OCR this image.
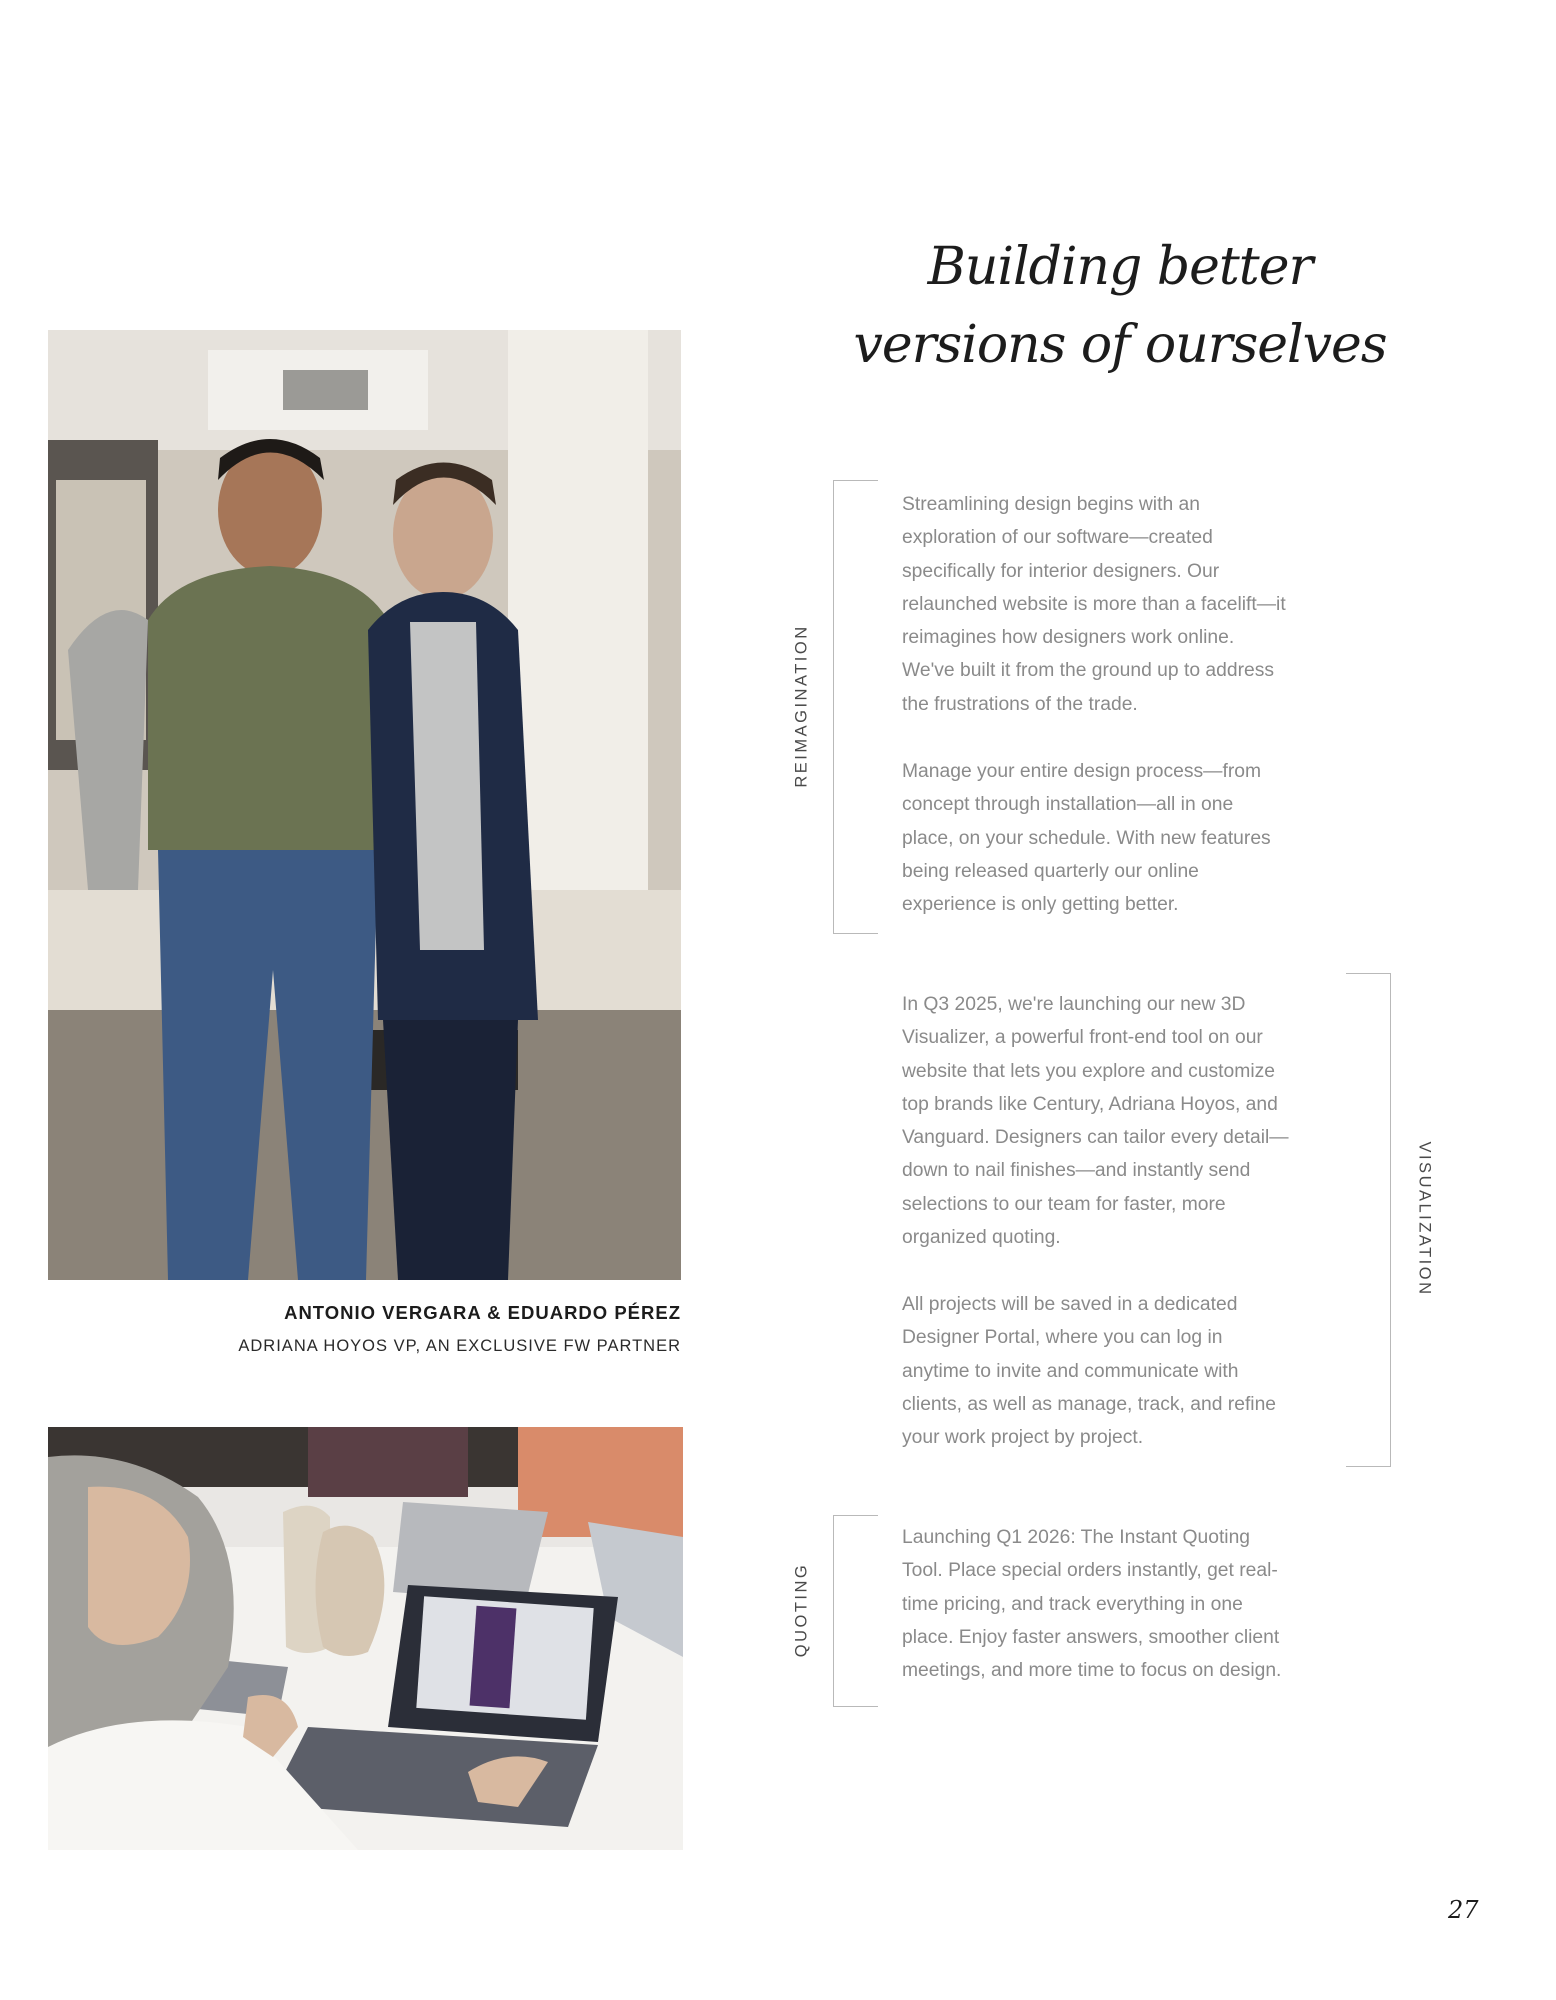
Building better
versions of ourselves
ANTONIO VERGARA & EDUARDO PÉREZ
ADRIANA HOYOS VP, AN EXCLUSIVE FW PARTNER
REIMAGINATION
VISUALIZATION
QUOTING

Streamlining design begins with an
exploration of our software—created
specifically for interior designers. Our
relaunched website is more than a facelift—it
reimagines how designers work online.
We've built it from the ground up to address
the frustrations of the trade.

Manage your entire design process—from
concept through installation—all in one
place, on your schedule. With new features
being released quarterly our online
experience is only getting better.

In Q3 2025, we're launching our new 3D
Visualizer, a powerful front-end tool on our
website that lets you explore and customize
top brands like Century, Adriana Hoyos, and
Vanguard. Designers can tailor every detail—
down to nail finishes—and instantly send
selections to our team for faster, more
organized quoting.

All projects will be saved in a dedicated
Designer Portal, where you can log in
anytime to invite and communicate with
clients, as well as manage, track, and refine
your work project by project.

Launching Q1 2026: The Instant Quoting
Tool. Place special orders instantly, get real-
time pricing, and track everything in one
place. Enjoy faster answers, smoother client
meetings, and more time to focus on design.

27
